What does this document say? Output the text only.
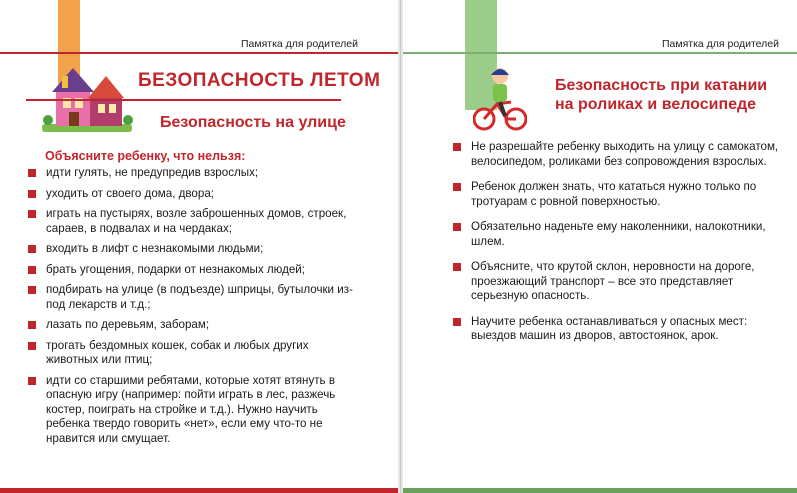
Памятка для родителей
БЕЗОПАСНОСТЬ ЛЕТОМ
Безопасность на улице
Объясните ребенку, что нельзя:
идти гулять, не предупредив взрослых;
уходить от своего дома, двора;
играть на пустырях, возле заброшенных домов, строек, сараев, в подвалах и на чердаках;
входить в лифт с незнакомыми людьми;
брать угощения, подарки от незнакомых людей;
подбирать на улице (в подъезде) шприцы, бутылочки из-под лекарств и т.д.;
лазать по деревьям, заборам;
трогать бездомных кошек, собак и любых других животных или птиц;
идти со старшими ребятами, которые хотят втянуть в опасную игру (например: пойти играть в лес, разжечь костер, поиграть на стройке и т.д.). Нужно научить ребенка твердо говорить «нет», если ему что-то не нравится или смущает.
Памятка для родителей
Безопасность при катании
на роликах и велосипеде
Не разрешайте ребенку выходить на улицу с самокатом, велосипедом, роликами без сопровождения взрослых.
Ребенок должен знать, что кататься нужно только по тротуарам с ровной поверхностью.
Обязательно наденьте ему наколенники, налокотники, шлем.
Объясните, что крутой склон, неровности на дороге, проезжающий транспорт – все это представляет серьезную опасность.
Научите ребенка останавливаться у опасных мест: выездов машин из дворов, автостоянок, арок.
